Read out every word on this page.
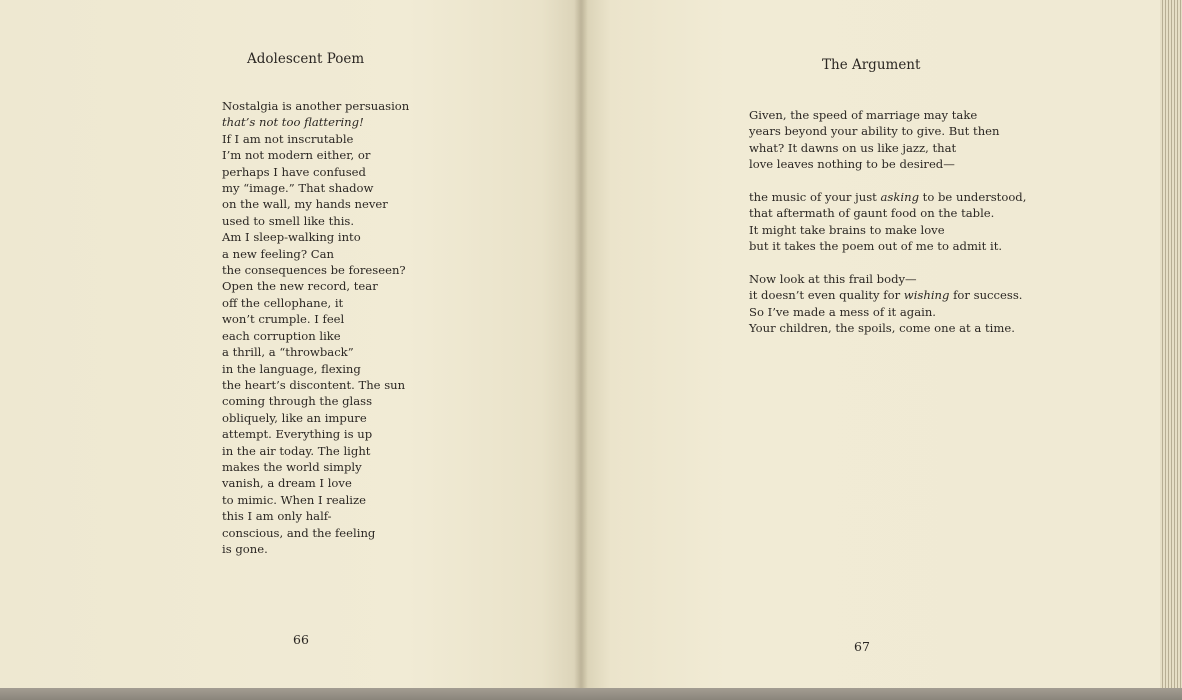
Adolescent Poem
Nostalgia is another persuasion
that’s not too flattering!
If I am not inscrutable
I’m not modern either, or
perhaps I have confused
my “image.” That shadow
on the wall, my hands never
used to smell like this.
Am I sleep-walking into
a new feeling? Can
the consequences be foreseen?
Open the new record, tear
off the cellophane, it
won’t crumple. I feel
each corruption like
a thrill, a “throwback”
in the language, flexing
the heart’s discontent. The sun
coming through the glass
obliquely, like an impure
attempt. Everything is up
in the air today. The light
makes the world simply
vanish, a dream I love
to mimic. When I realize
this I am only half-
conscious, and the feeling
is gone.
66
The Argument
Given, the speed of marriage may take
years beyond your ability to give. But then
what? It dawns on us like jazz, that
love leaves nothing to be desired—
the music of your just asking to be understood,
that aftermath of gaunt food on the table.
It might take brains to make love
but it takes the poem out of me to admit it.
Now look at this frail body—
it doesn’t even quality for wishing for success.
So I’ve made a mess of it again.
Your children, the spoils, come one at a time.
67
